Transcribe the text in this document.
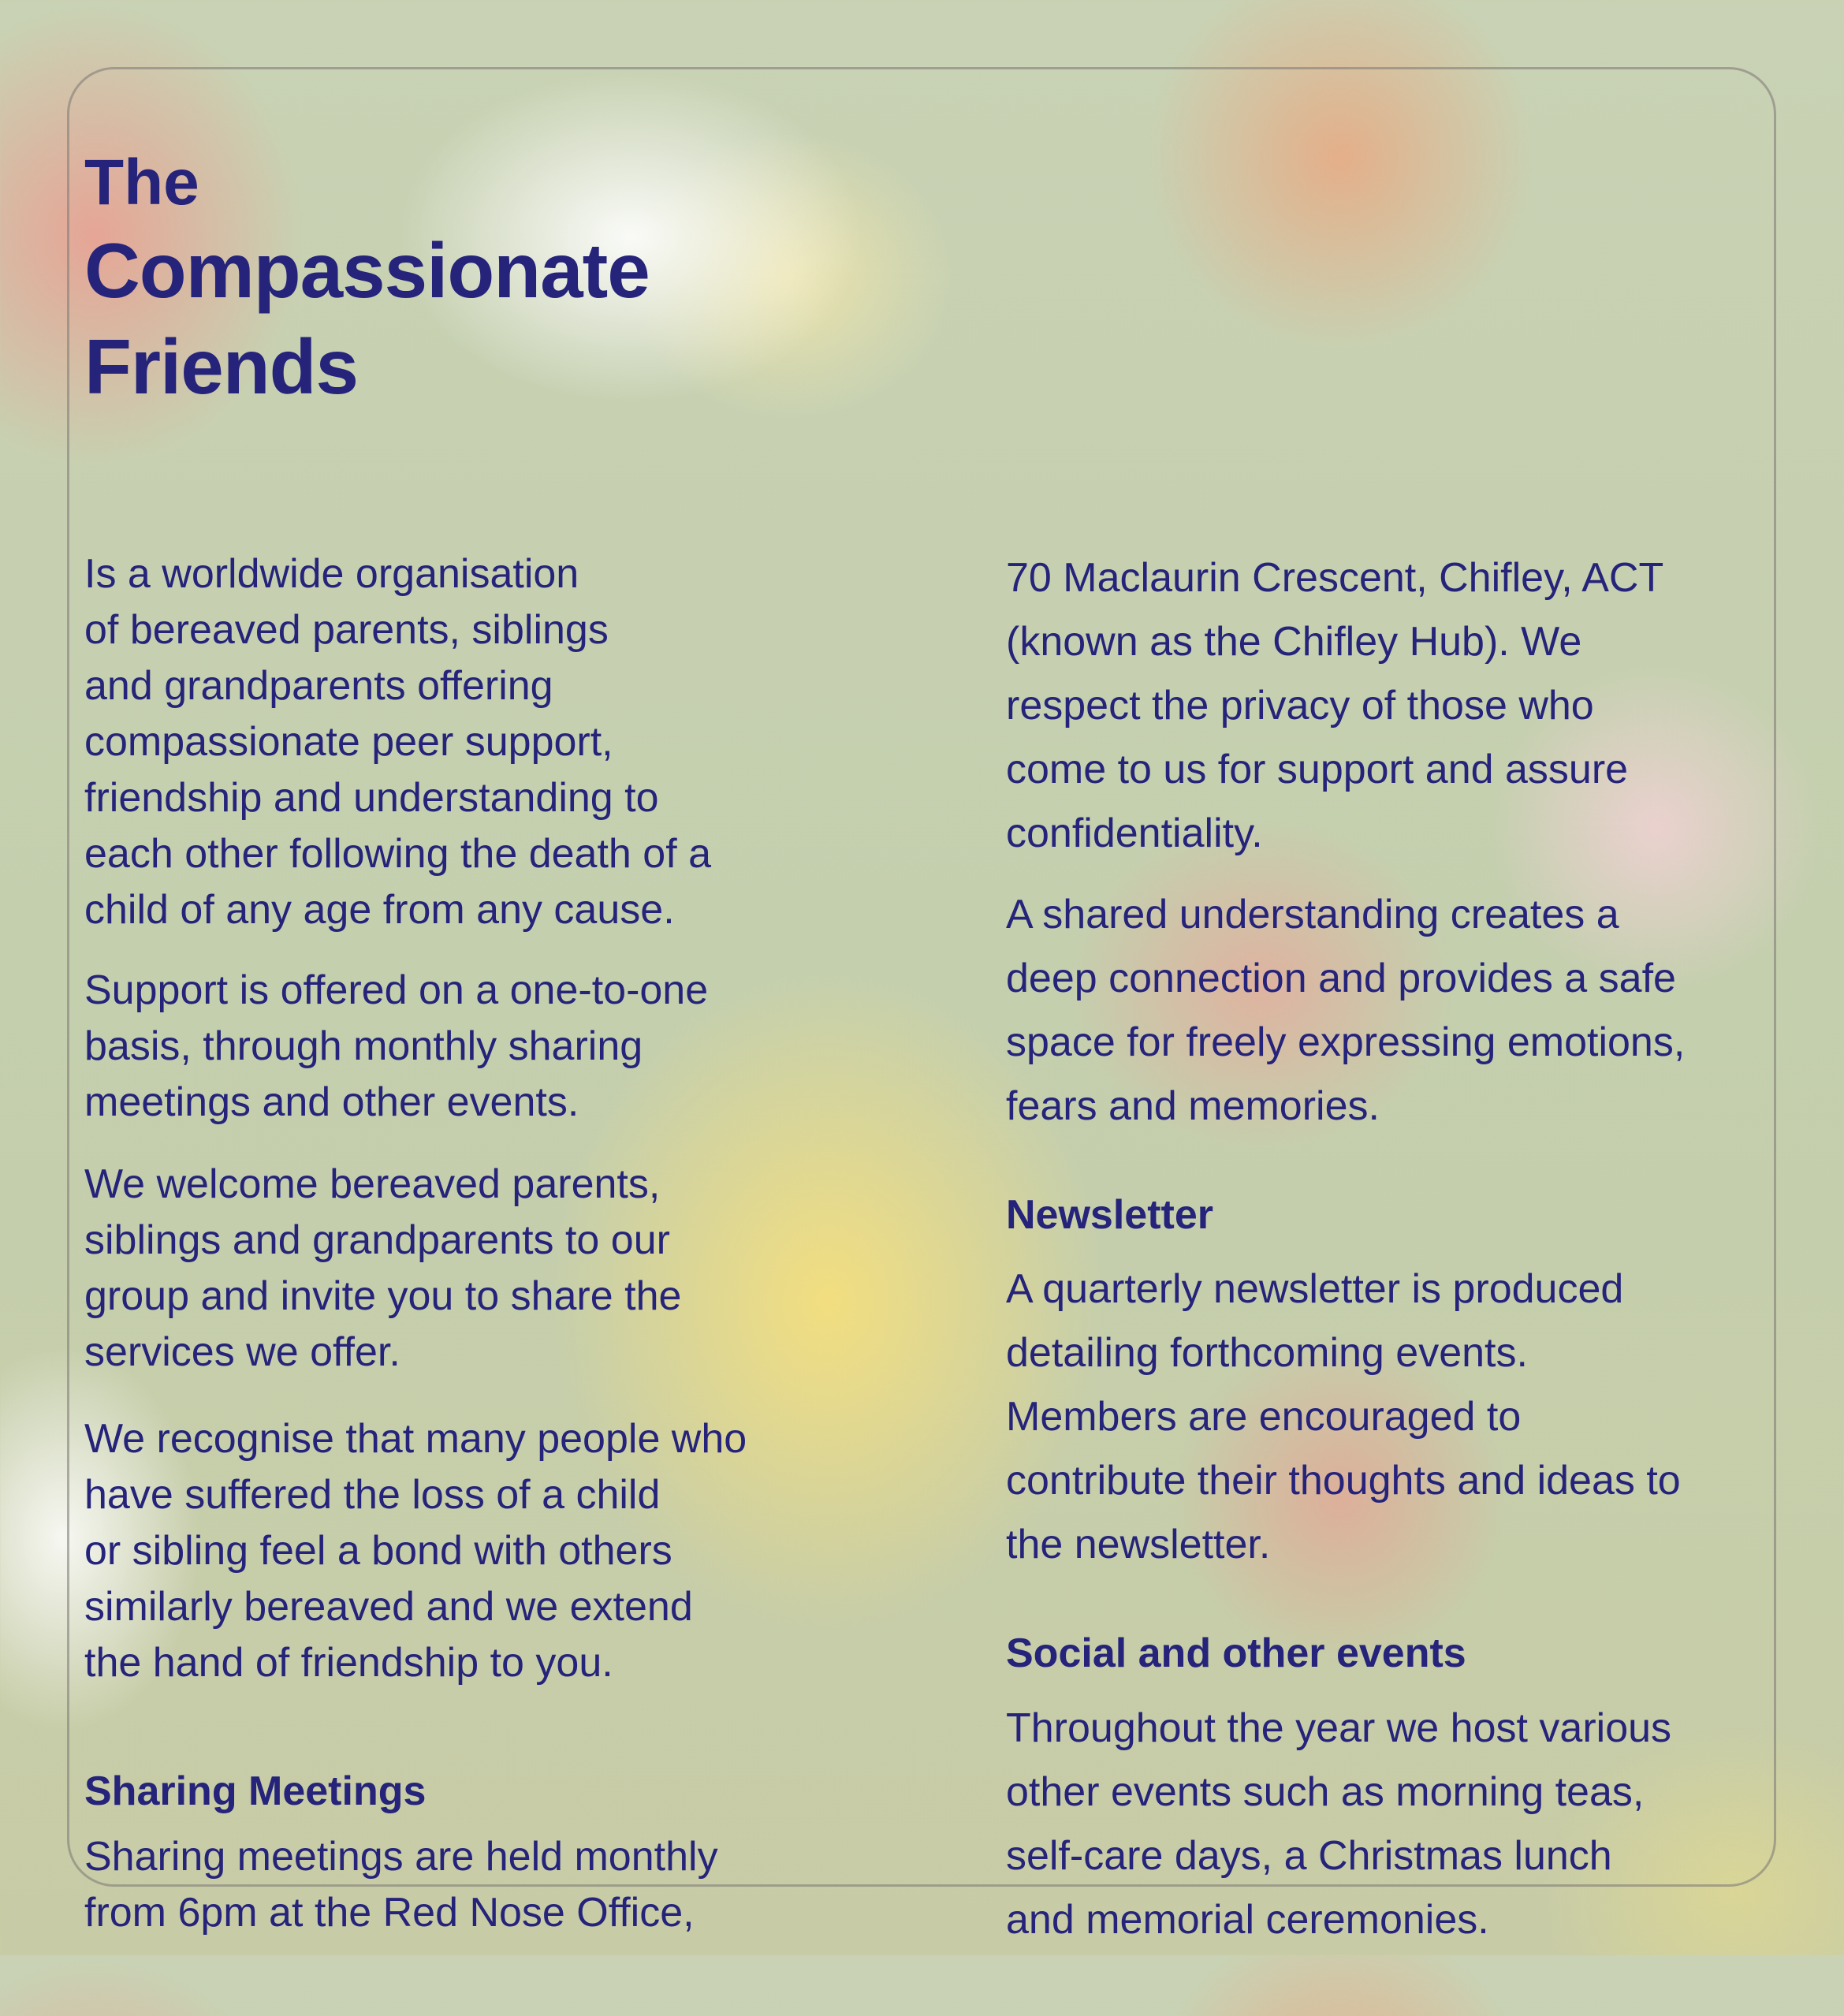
The
Compassionate
Friends

Is a worldwide organisation
of bereaved parents, siblings
and grandparents offering
compassionate peer support,
friendship and understanding to
each other following the death of a
child of any age from any cause.

Support is offered on a one-to-one
basis, through monthly sharing
meetings and other events.

We welcome bereaved parents,
siblings and grandparents to our
group and invite you to share the
services we offer.

We recognise that many people who
have suffered the loss of a child
or sibling feel a bond with others
similarly bereaved and we extend
the hand of friendship to you.

Sharing Meetings

Sharing meetings are held monthly
from 6pm at the Red Nose Office,

70 Maclaurin Crescent, Chifley, ACT
(known as the Chifley Hub). We
respect the privacy of those who
come to us for support and assure
confidentiality.

A shared understanding creates a
deep connection and provides a safe
space for freely expressing emotions,
fears and memories.

Newsletter

A quarterly newsletter is produced
detailing forthcoming events.
Members are encouraged to
contribute their thoughts and ideas to
the newsletter.

Social and other events

Throughout the year we host various
other events such as morning teas,
self-care days, a Christmas lunch
and memorial ceremonies.
